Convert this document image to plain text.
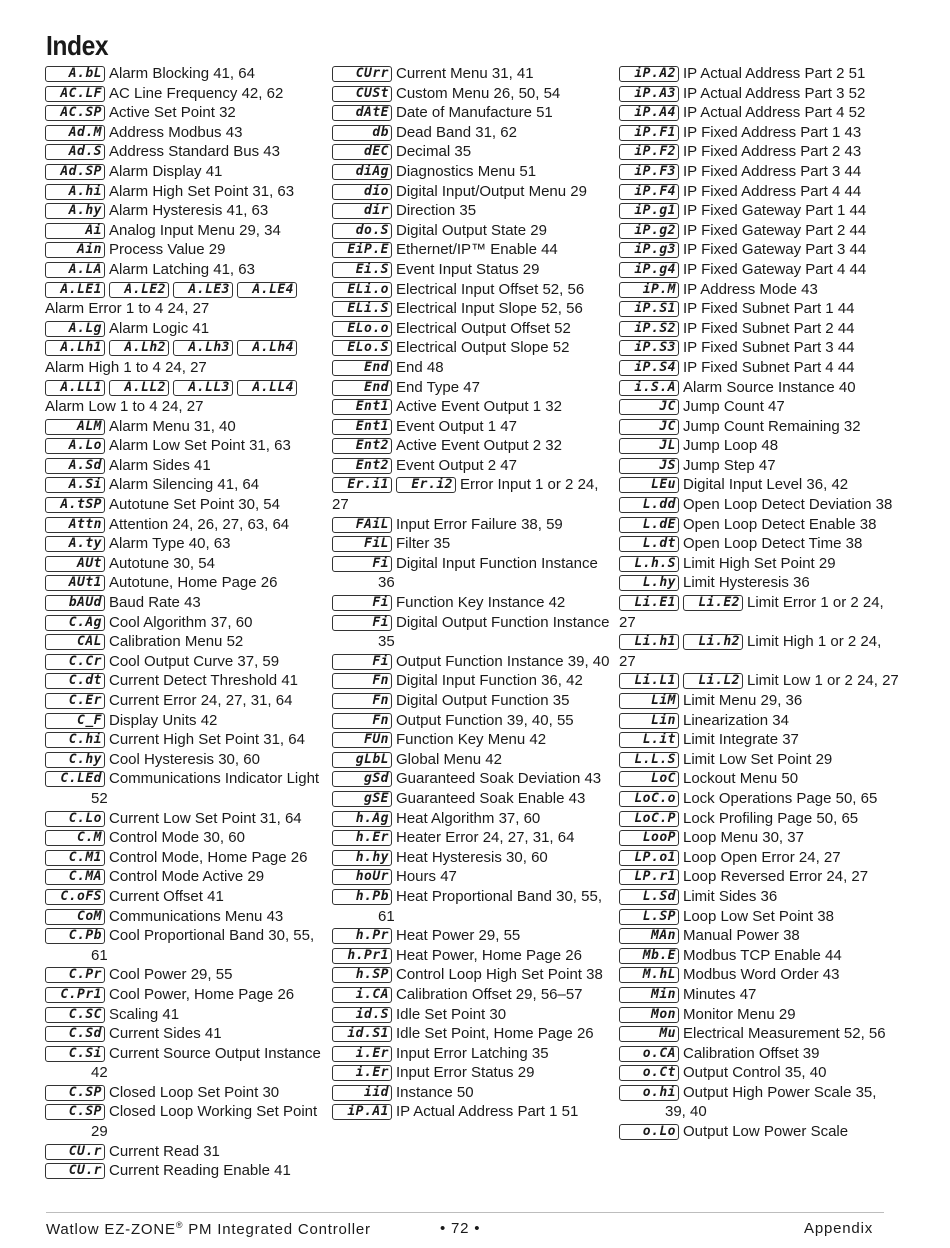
Index
A.bL Alarm Blocking 41, 64
AC.LF AC Line Frequency 42, 62
AC.SP Active Set Point 32
Ad.M Address Modbus 43
Ad.S Address Standard Bus 43
Ad.SP Alarm Display 41
A.hi Alarm High Set Point 31, 63
A.hy Alarm Hysteresis 41, 63
Ai Analog Input Menu 29, 34
Ain Process Value 29
A.LA Alarm Latching 41, 63
A.LE1 A.LE2 A.LE3 A.LE4Alarm Error 1 to 4 24, 27
A.Lg Alarm Logic 41
A.Lh1 A.Lh2 A.Lh3 A.Lh4Alarm High 1 to 4 24, 27
A.LL1 A.LL2 A.LL3 A.LL4Alarm Low 1 to 4 24, 27
ALM Alarm Menu 31, 40
A.Lo Alarm Low Set Point 31, 63
A.Sd Alarm Sides 41
A.Si Alarm Silencing 41, 64
A.tSP Autotune Set Point 30, 54
Attn Attention 24, 26, 27, 63, 64
A.ty Alarm Type 40, 63
AUt Autotune 30, 54
AUt1 Autotune, Home Page 26
bAUd Baud Rate 43
C.Ag Cool Algorithm 37, 60
CAL Calibration Menu 52
C.Cr Cool Output Curve 37, 59
C.dt Current Detect Threshold 41
C.Er Current Error 24, 27, 31, 64
C_F Display Units 42
C.hi Current High Set Point 31, 64
C.hy Cool Hysteresis 30, 60
C.LEd Communications Indicator Light 52
C.Lo Current Low Set Point 31, 64
C.M Control Mode 30, 60
C.M1 Control Mode, Home Page 26
C.MA Control Mode Active 29
C.oFS Current Offset 41
CoM Communications Menu 43
C.Pb Cool Proportional Band 30, 55, 61
C.Pr Cool Power 29, 55
C.Pr1 Cool Power, Home Page 26
C.SC Scaling 41
C.Sd Current Sides 41
C.Si Current Source Output Instance 42
C.SP Closed Loop Set Point 30
C.SP Closed Loop Working Set Point 29
CU.r Current Read 31
CU.r Current Reading Enable 41
CUrr Current Menu 31, 41
CUSt Custom Menu 26, 50, 54
dAtE Date of Manufacture 51
db Dead Band 31, 62
dEC Decimal 35
diAg Diagnostics Menu 51
dio Digital Input/Output Menu 29
dir Direction 35
do.S Digital Output State 29
EiP.E Ethernet/IP™ Enable 44
Ei.S Event Input Status 29
ELi.o Electrical Input Offset 52, 56
ELi.S Electrical Input Slope 52, 56
ELo.o Electrical Output Offset 52
ELo.S Electrical Output Slope 52
End End 48
End End Type 47
Ent1 Active Event Output 1 32
Ent1 Event Output 1 47
Ent2 Active Event Output 2 32
Ent2 Event Output 2 47
Er.i1 Er.i2 Error Input 1 or 2 24, 27
FAiL Input Error Failure 38, 59
FiL Filter 35
Fi Digital Input Function Instance 36
Fi Function Key Instance 42
Fi Digital Output Function Instance 35
Fi Output Function Instance 39, 40
Fn Digital Input Function 36, 42
Fn Digital Output Function 35
Fn Output Function 39, 40, 55
FUn Function Key Menu 42
gLbL Global Menu 42
gSd Guaranteed Soak Deviation 43
gSE Guaranteed Soak Enable 43
h.Ag Heat Algorithm 37, 60
h.Er Heater Error 24, 27, 31, 64
h.hy Heat Hysteresis 30, 60
hoUr Hours 47
h.Pb Heat Proportional Band 30, 55, 61
h.Pr Heat Power 29, 55
h.Pr1 Heat Power, Home Page 26
h.SP Control Loop High Set Point 38
i.CA Calibration Offset 29, 56–57
id.S Idle Set Point 30
id.S1 Idle Set Point, Home Page 26
i.Er Input Error Latching 35
i.Er Input Error Status 29
iid Instance 50
iP.A1 IP Actual Address Part 1 51
iP.A2 IP Actual Address Part 2 51
iP.A3 IP Actual Address Part 3 52
iP.A4 IP Actual Address Part 4 52
iP.F1 IP Fixed Address Part 1 43
iP.F2 IP Fixed Address Part 2 43
iP.F3 IP Fixed Address Part 3 44
iP.F4 IP Fixed Address Part 4 44
iP.g1 IP Fixed Gateway Part 1 44
iP.g2 IP Fixed Gateway Part 2 44
iP.g3 IP Fixed Gateway Part 3 44
iP.g4 IP Fixed Gateway Part 4 44
iP.M IP Address Mode 43
iP.S1 IP Fixed Subnet Part 1 44
iP.S2 IP Fixed Subnet Part 2 44
iP.S3 IP Fixed Subnet Part 3 44
iP.S4 IP Fixed Subnet Part 4 44
i.S.A Alarm Source Instance 40
JC Jump Count 47
JC Jump Count Remaining 32
JL Jump Loop 48
JS Jump Step 47
LEu Digital Input Level 36, 42
L.dd Open Loop Detect Deviation 38
L.dE Open Loop Detect Enable 38
L.dt Open Loop Detect Time 38
L.h.S Limit High Set Point 29
L.hy Limit Hysteresis 36
Li.E1 Li.E2 Limit Error 1 or 2 24, 27
Li.h1 Li.h2 Limit High 1 or 2 24, 27
Li.L1 Li.L2 Limit Low 1 or 2 24, 27
LiM Limit Menu 29, 36
Lin Linearization 34
L.it Limit Integrate 37
L.L.S Limit Low Set Point 29
LoC Lockout Menu 50
LoC.o Lock Operations Page 50, 65
LoC.P Lock Profiling Page 50, 65
LooP Loop Menu 30, 37
LP.o1 Loop Open Error 24, 27
LP.r1 Loop Reversed Error 24, 27
L.Sd Limit Sides 36
L.SP Loop Low Set Point 38
MAn Manual Power 38
Mb.E Modbus TCP Enable 44
M.hL Modbus Word Order 43
Min Minutes 47
Mon Monitor Menu 29
Mu Electrical Measurement 52, 56
o.CA Calibration Offset 39
o.Ct Output Control 35, 40
o.hi Output High Power Scale 35, 39, 40
o.Lo Output Low Power Scale
Watlow EZ-ZONE® PM Integrated Controller	• 72 •	Appendix
